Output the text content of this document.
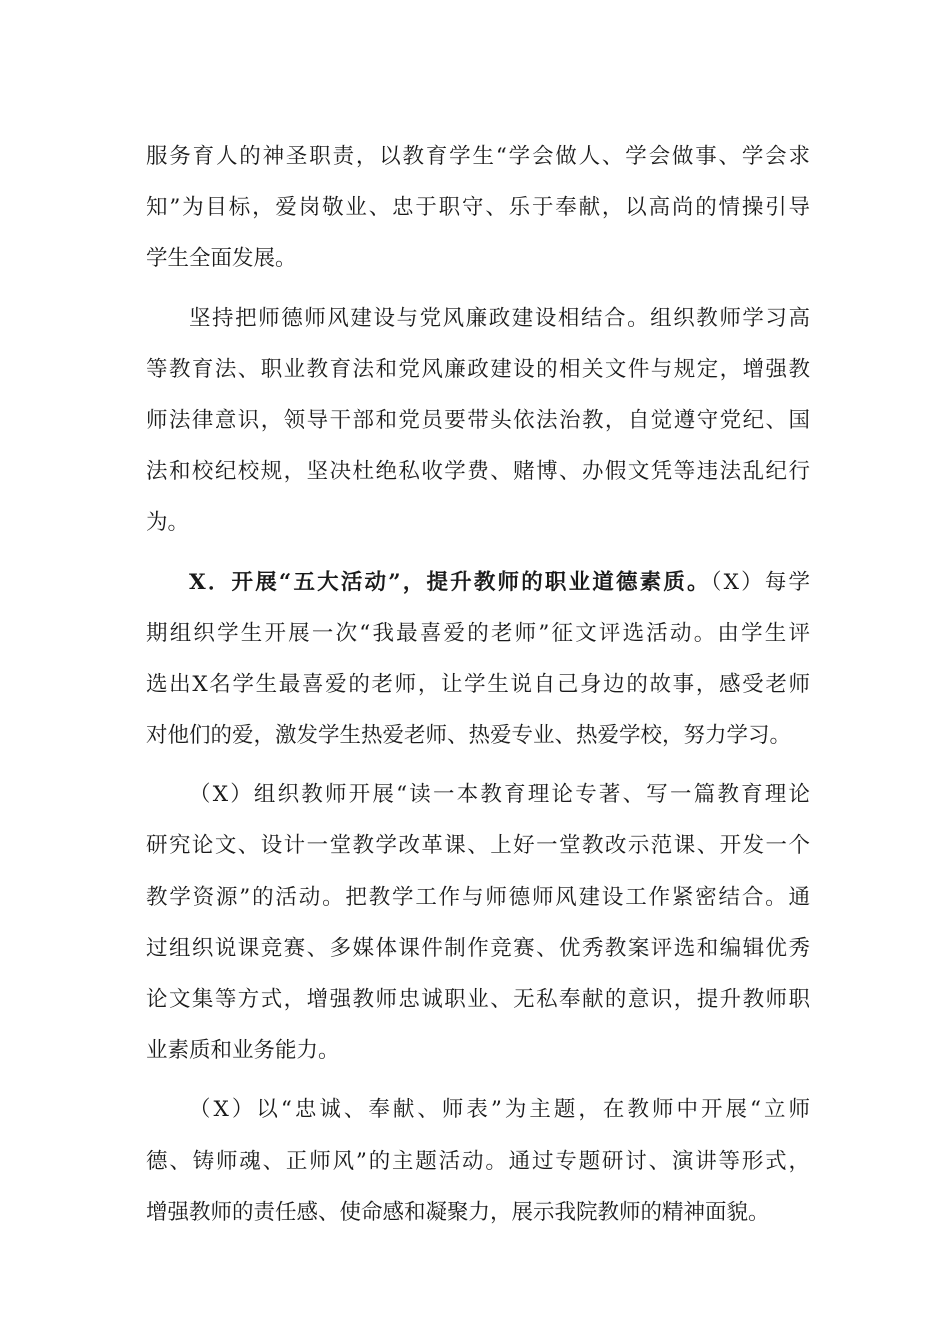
服务育人的神圣职责，以教育学生“学会做人、学会做事、学会求
知”为目标，爱岗敬业、忠于职守、乐于奉献，以高尚的情操引导
学生全面发展。
坚持把师德师风建设与党风廉政建设相结合。组织教师学习高
等教育法、职业教育法和党风廉政建设的相关文件与规定，增强教
师法律意识，领导干部和党员要带头依法治教，自觉遵守党纪、国
法和校纪校规，坚决杜绝私收学费、赌博、办假文凭等违法乱纪行
为。
X．开展“五大活动”，提升教师的职业道德素质。（X）每学
期组织学生开展一次“我最喜爱的老师”征文评选活动。由学生评
选出X名学生最喜爱的老师，让学生说自己身边的故事，感受老师
对他们的爱，激发学生热爱老师、热爱专业、热爱学校，努力学习。
（X）组织教师开展“读一本教育理论专著、写一篇教育理论
研究论文、设计一堂教学改革课、上好一堂教改示范课、开发一个
教学资源”的活动。把教学工作与师德师风建设工作紧密结合。通
过组织说课竞赛、多媒体课件制作竞赛、优秀教案评选和编辑优秀
论文集等方式，增强教师忠诚职业、无私奉献的意识，提升教师职
业素质和业务能力。
（X）以“忠诚、奉献、师表”为主题，在教师中开展“立师
德、铸师魂、正师风”的主题活动。通过专题研讨、演讲等形式，
增强教师的责任感、使命感和凝聚力，展示我院教师的精神面貌。
